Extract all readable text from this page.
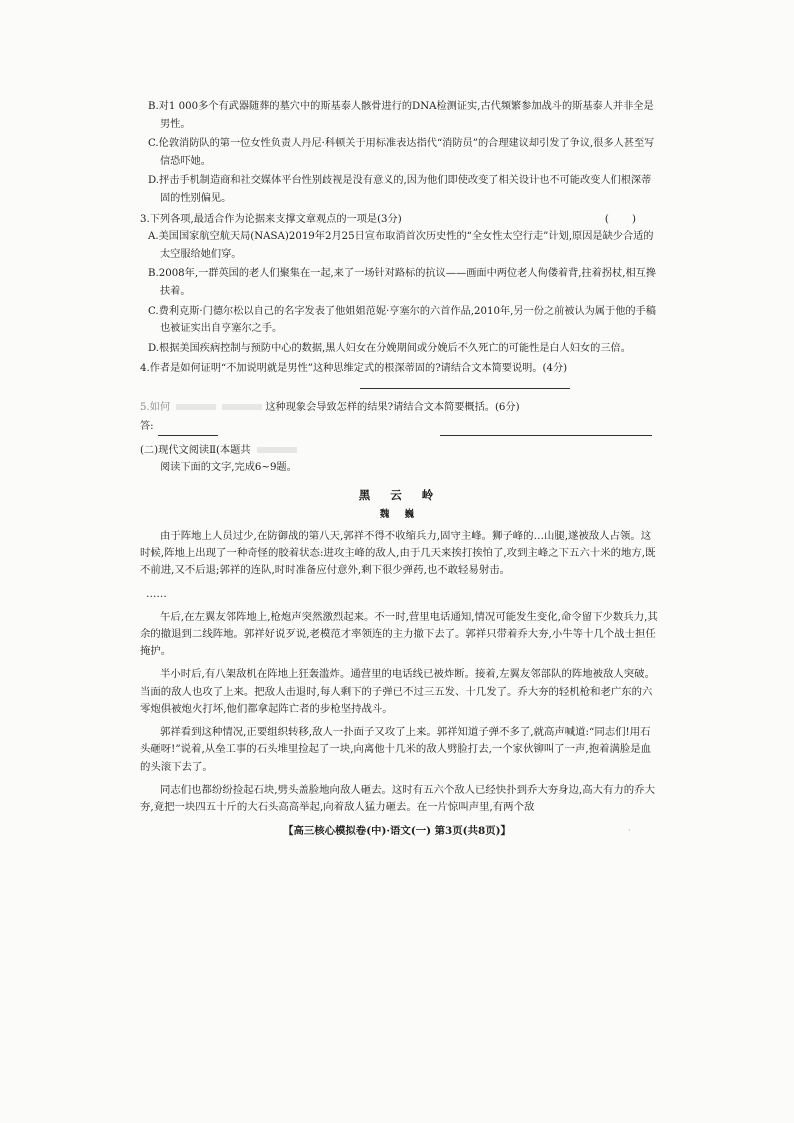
B.对1 000多个有武器随葬的墓穴中的斯基泰人骸骨进行的DNA检测证实,古代频繁参加战斗的斯基泰人并非全是男性。

C.伦敦消防队的第一位女性负责人丹尼·科顿关于用标准表达指代“消防员”的合理建议却引发了争议,很多人甚至写信恐吓她。

D.抨击手机制造商和社交媒体平台性别歧视是没有意义的,因为他们即使改变了相关设计也不可能改变人们根深蒂固的性别偏见。

3.下列各项,最适合作为论据来支撑文章观点的一项是(3分)	( )

A.美国国家航空航天局(NASA)2019年2月25日宣布取消首次历史性的“全女性太空行走”计划,原因是缺少合适的太空服给她们穿。

B.2008年,一群英国的老人们聚集在一起,来了一场针对路标的抗议——画面中两位老人佝偻着背,拄着拐杖,相互搀扶着。

C.费利克斯·门德尔松以自己的名字发表了他姐姐范妮·亨塞尔的六首作品,2010年,另一份之前被认为属于他的手稿也被证实出自亨塞尔之手。

D.根据美国疾病控制与预防中心的数据,黑人妇女在分娩期间或分娩后不久死亡的可能性是白人妇女的三倍。

4.作者是如何证明“不加说明就是男性”这种思维定式的根深蒂固的?请结合文本简要说明。(4分)
5.如何	这种现象会导致怎样的结果?请结合文本简要概括。(6分)
答:
(二)现代文阅读Ⅱ(本题共

阅读下面的文字,完成6~9题。

黑 云 岭
魏 巍

由于阵地上人员过少,在防御战的第八天,郭祥不得不收缩兵力,固守主峰。狮子峰的…山腿,遂被敌人占领。这时候,阵地上出现了一种奇怪的胶着状态:进攻主峰的敌人,由于几天来挨打挨怕了,攻到主峰之下五六十米的地方,既不前进,又不后退;郭祥的连队,时时准备应付意外,剩下很少弹药,也不敢轻易射击。

……

午后,在左翼友邻阵地上,枪炮声突然激烈起来。不一时,营里电话通知,情况可能发生变化,命令留下少数兵力,其余的撤退到二线阵地。郭祥好说歹说,老模范才率领连的主力撤下去了。郭祥只带着乔大夯,小牛等十几个战士担任掩护。

半小时后,有八架敌机在阵地上狂轰滥炸。通营里的电话线已被炸断。接着,左翼友邻部队的阵地被敌人突破。当面的敌人也攻了上来。把敌人击退时,每人剩下的子弹已不过三五发、十几发了。乔大夯的轻机枪和老广东的六零炮俱被炮火打坏,他们都拿起阵亡者的步枪坚持战斗。

郭祥看到这种情况,正要组织转移,敌人一扑面子又攻了上来。郭祥知道子弹不多了,就高声喊道:“同志们!用石头砸呀!”说着,从垒工事的石头堆里捡起了一块,向离他十几米的敌人劈脸打去,一个家伙铆叫了一声,抱着满脸是血的头滚下去了。

同志们也都纷纷捡起石块,劈头盖脸地向敌人砸去。这时有五六个敌人已经快扑到乔大夯身边,高大有力的乔大夯,竟把一块四五十斤的大石头高高举起,向着敌人猛力砸去。在一片惊叫声里,有两个敌

【高三核心模拟卷(中)·语文(一) 第3页(共8页)】	·
